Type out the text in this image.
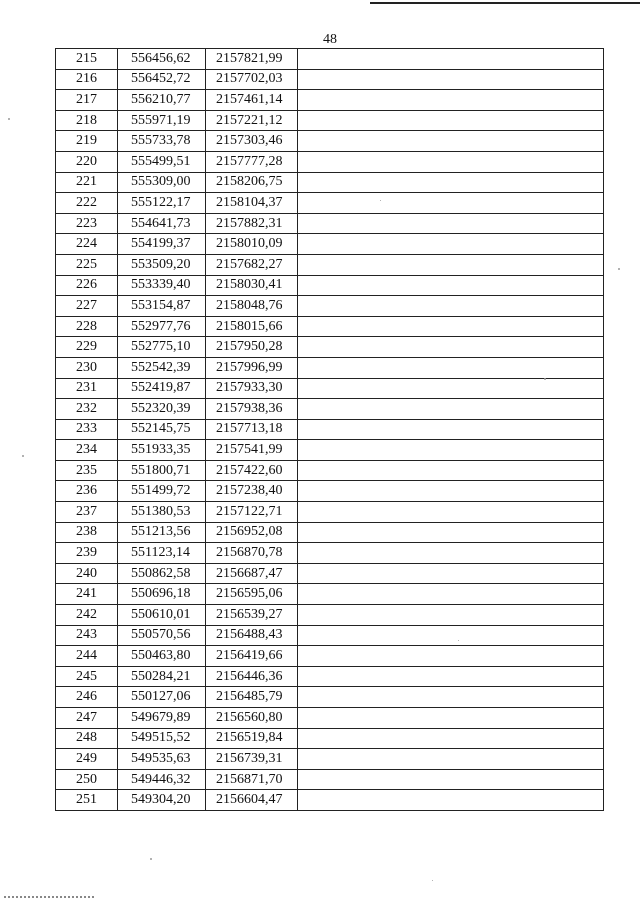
48
215	556456,62	2157821,99	
216	556452,72	2157702,03	
217	556210,77	2157461,14	
218	555971,19	2157221,12	
219	555733,78	2157303,46	
220	555499,51	2157777,28	
221	555309,00	2158206,75	
222	555122,17	2158104,37	
223	554641,73	2157882,31	
224	554199,37	2158010,09	
225	553509,20	2157682,27	
226	553339,40	2158030,41	
227	553154,87	2158048,76	
228	552977,76	2158015,66	
229	552775,10	2157950,28	
230	552542,39	2157996,99	
231	552419,87	2157933,30	
232	552320,39	2157938,36	
233	552145,75	2157713,18	
234	551933,35	2157541,99	
235	551800,71	2157422,60	
236	551499,72	2157238,40	
237	551380,53	2157122,71	
238	551213,56	2156952,08	
239	551123,14	2156870,78	
240	550862,58	2156687,47	
241	550696,18	2156595,06	
242	550610,01	2156539,27	
243	550570,56	2156488,43	
244	550463,80	2156419,66	
245	550284,21	2156446,36	
246	550127,06	2156485,79	
247	549679,89	2156560,80	
248	549515,52	2156519,84	
249	549535,63	2156739,31	
250	549446,32	2156871,70	
251	549304,20	2156604,47	
